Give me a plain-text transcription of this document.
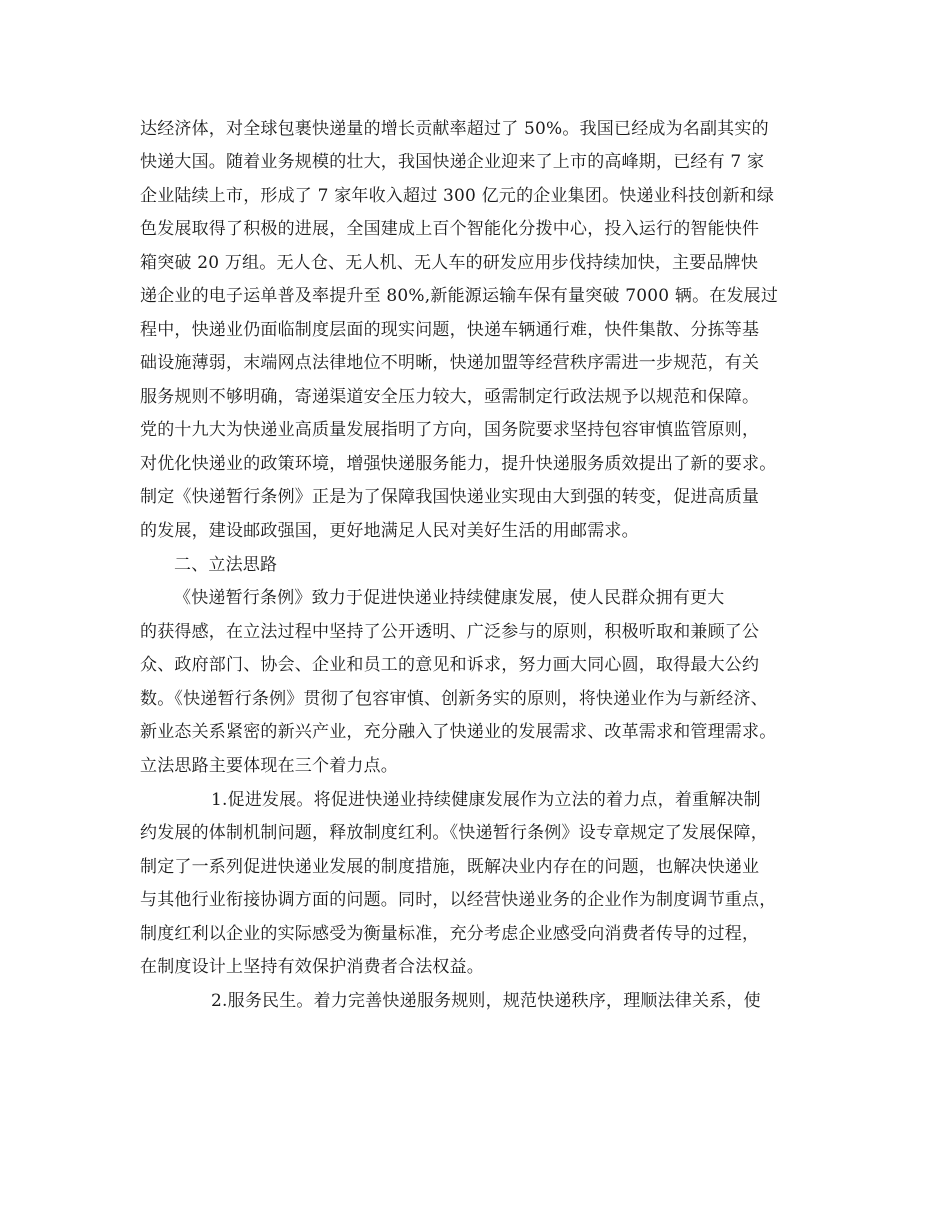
达经济体，对全球包裹快递量的增长贡献率超过了 50%。我国已经成为名副其实的
快递大国。随着业务规模的壮大，我国快递企业迎来了上市的高峰期，已经有 7 家
企业陆续上市，形成了 7 家年收入超过 300 亿元的企业集团。快递业科技创新和绿
色发展取得了积极的进展，全国建成上百个智能化分拨中心，投入运行的智能快件
箱突破 20 万组。无人仓、无人机、无人车的研发应用步伐持续加快，主要品牌快
递企业的电子运单普及率提升至 80%,新能源运输车保有量突破 7000 辆。在发展过
程中，快递业仍面临制度层面的现实问题，快递车辆通行难，快件集散、分拣等基
础设施薄弱，末端网点法律地位不明晰，快递加盟等经营秩序需进一步规范，有关
服务规则不够明确，寄递渠道安全压力较大，亟需制定行政法规予以规范和保障。
党的十九大为快递业高质量发展指明了方向，国务院要求坚持包容审慎监管原则，
对优化快递业的政策环境，增强快递服务能力，提升快递服务质效提出了新的要求。
制定《快递暂行条例》正是为了保障我国快递业实现由大到强的转变，促进高质量
的发展，建设邮政强国，更好地满足人民对美好生活的用邮需求。
二、立法思路
《快递暂行条例》致力于促进快递业持续健康发展，使人民群众拥有更大
的获得感，在立法过程中坚持了公开透明、广泛参与的原则，积极听取和兼顾了公
众、政府部门、协会、企业和员工的意见和诉求，努力画大同心圆，取得最大公约
数。《快递暂行条例》贯彻了包容审慎、创新务实的原则，将快递业作为与新经济、
新业态关系紧密的新兴产业，充分融入了快递业的发展需求、改革需求和管理需求。
立法思路主要体现在三个着力点。
1.促进发展。将促进快递业持续健康发展作为立法的着力点，着重解决制
约发展的体制机制问题，释放制度红利。《快递暂行条例》设专章规定了发展保障，
制定了一系列促进快递业发展的制度措施，既解决业内存在的问题，也解决快递业
与其他行业衔接协调方面的问题。同时，以经营快递业务的企业作为制度调节重点，
制度红利以企业的实际感受为衡量标准，充分考虑企业感受向消费者传导的过程，
在制度设计上坚持有效保护消费者合法权益。
2.服务民生。着力完善快递服务规则，规范快递秩序，理顺法律关系，使
